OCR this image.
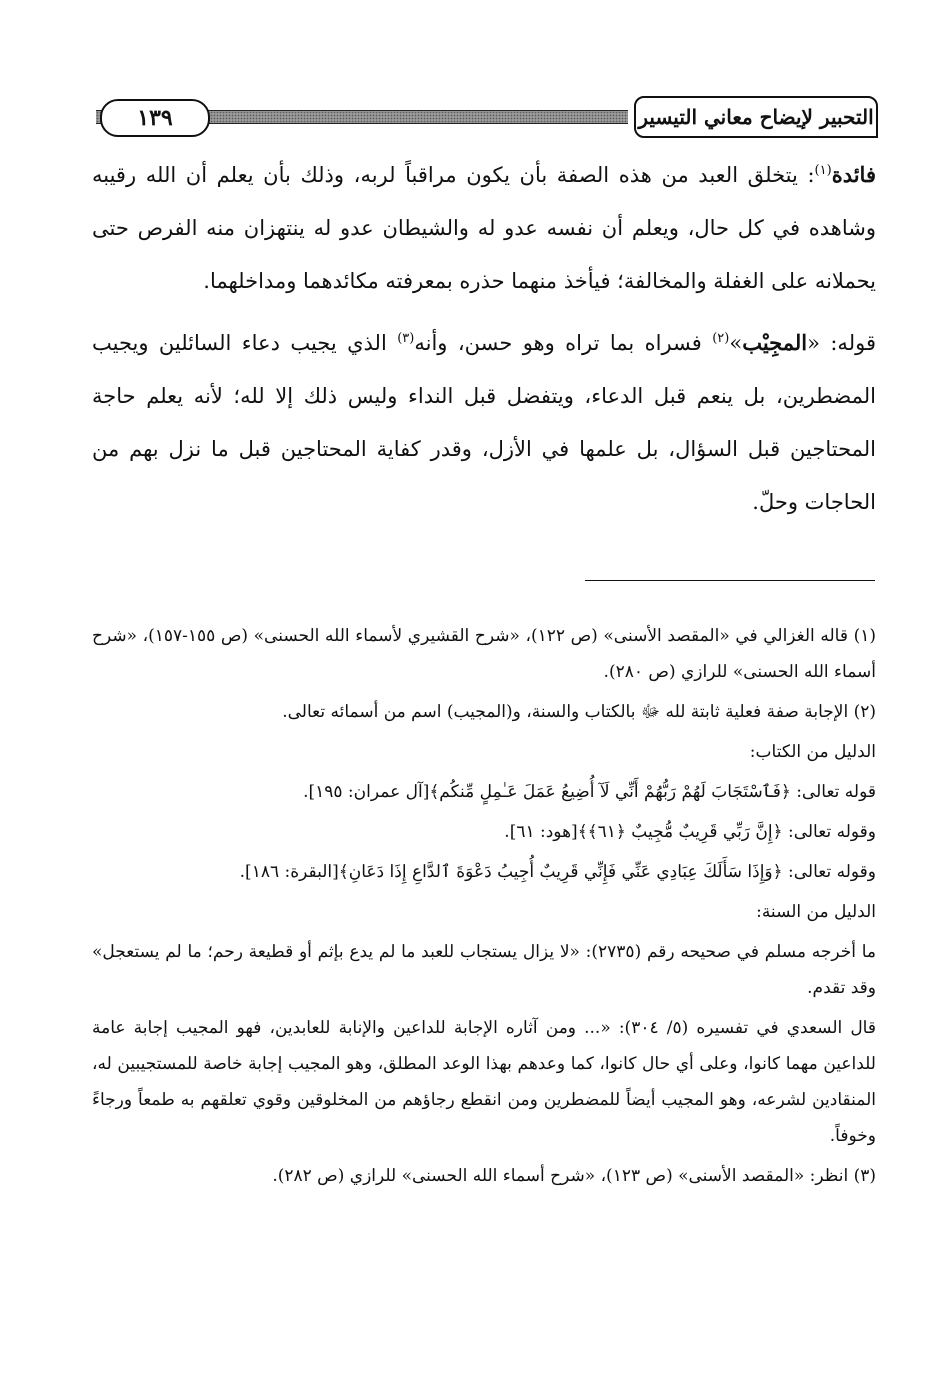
١٣٩	التحبير لإيضاح معاني التيسير

فائدة$^{(١)}$: يتخلق العبد من هذه الصفة بأن يكون مراقباً لربه، وذلك بأن يعلم أن الله رقيبه وشاهده في كل حال، ويعلم أن نفسه عدو له والشيطان عدو له ينتهزان منه الفرص حتى يحملانه على الغفلة والمخالفة؛ فيأخذ منهما حذره بمعرفته مكائدهما ومداخلهما.

قوله: «المجِيْب»$^{(٢)}$ فسراه بما تراه وهو حسن، وأنه$^{(٣)}$ الذي يجيب دعاء السائلين ويجيب المضطرين، بل ينعم قبل الدعاء، ويتفضل قبل النداء وليس ذلك إلا لله؛ لأنه يعلم حاجة المحتاجين قبل السؤال، بل علمها في الأزل، وقدر كفاية المحتاجين قبل ما نزل بهم من الحاجات وحلّ.

(١) قاله الغزالي في «المقصد الأسنى» (ص ١٢٢)، «شرح القشيري لأسماء الله الحسنى» (ص ١٥٥-١٥٧)، «شرح أسماء الله الحسنى» للرازي (ص ٢٨٠).

(٢) الإجابة صفة فعلية ثابتة لله ﷻ بالكتاب والسنة، و(المجيب) اسم من أسمائه تعالى.

الدليل من الكتاب:

قوله تعالى: ﴿فَٱسْتَجَابَ لَهُمْ رَبُّهُمْ أَنِّي لَآ أُضِيعُ عَمَلَ عَـٰمِلٍ مِّنكُم﴾[آل عمران: ١٩٥].

وقوله تعالى: ﴿إِنَّ رَبِّي قَرِيبٌ مُّجِيبٌ ﴿٦١﴾﴾[هود: ٦١].

وقوله تعالى: ﴿وَإِذَا سَأَلَكَ عِبَادِي عَنِّي فَإِنِّي قَرِيبٌ أُجِيبُ دَعْوَةَ ٱلدَّاعِ إِذَا دَعَانِ﴾[البقرة: ١٨٦].

الدليل من السنة:

ما أخرجه مسلم في صحيحه رقم (٢٧٣٥): «لا يزال يستجاب للعبد ما لم يدع بإثم أو قطيعة رحم؛ ما لم يستعجل» وقد تقدم.

قال السعدي في تفسيره (٥/ ٣٠٤): «... ومن آثاره الإجابة للداعين والإنابة للعابدين، فهو المجيب إجابة عامة للداعين مهما كانوا، وعلى أي حال كانوا، كما وعدهم بهذا الوعد المطلق، وهو المجيب إجابة خاصة للمستجيبين له، المنقادين لشرعه، وهو المجيب أيضاً للمضطرين ومن انقطع رجاؤهم من المخلوقين وقوي تعلقهم به طمعاً ورجاءً وخوفاً.

(٣) انظر: «المقصد الأسنى» (ص ١٢٣)، «شرح أسماء الله الحسنى» للرازي (ص ٢٨٢).
